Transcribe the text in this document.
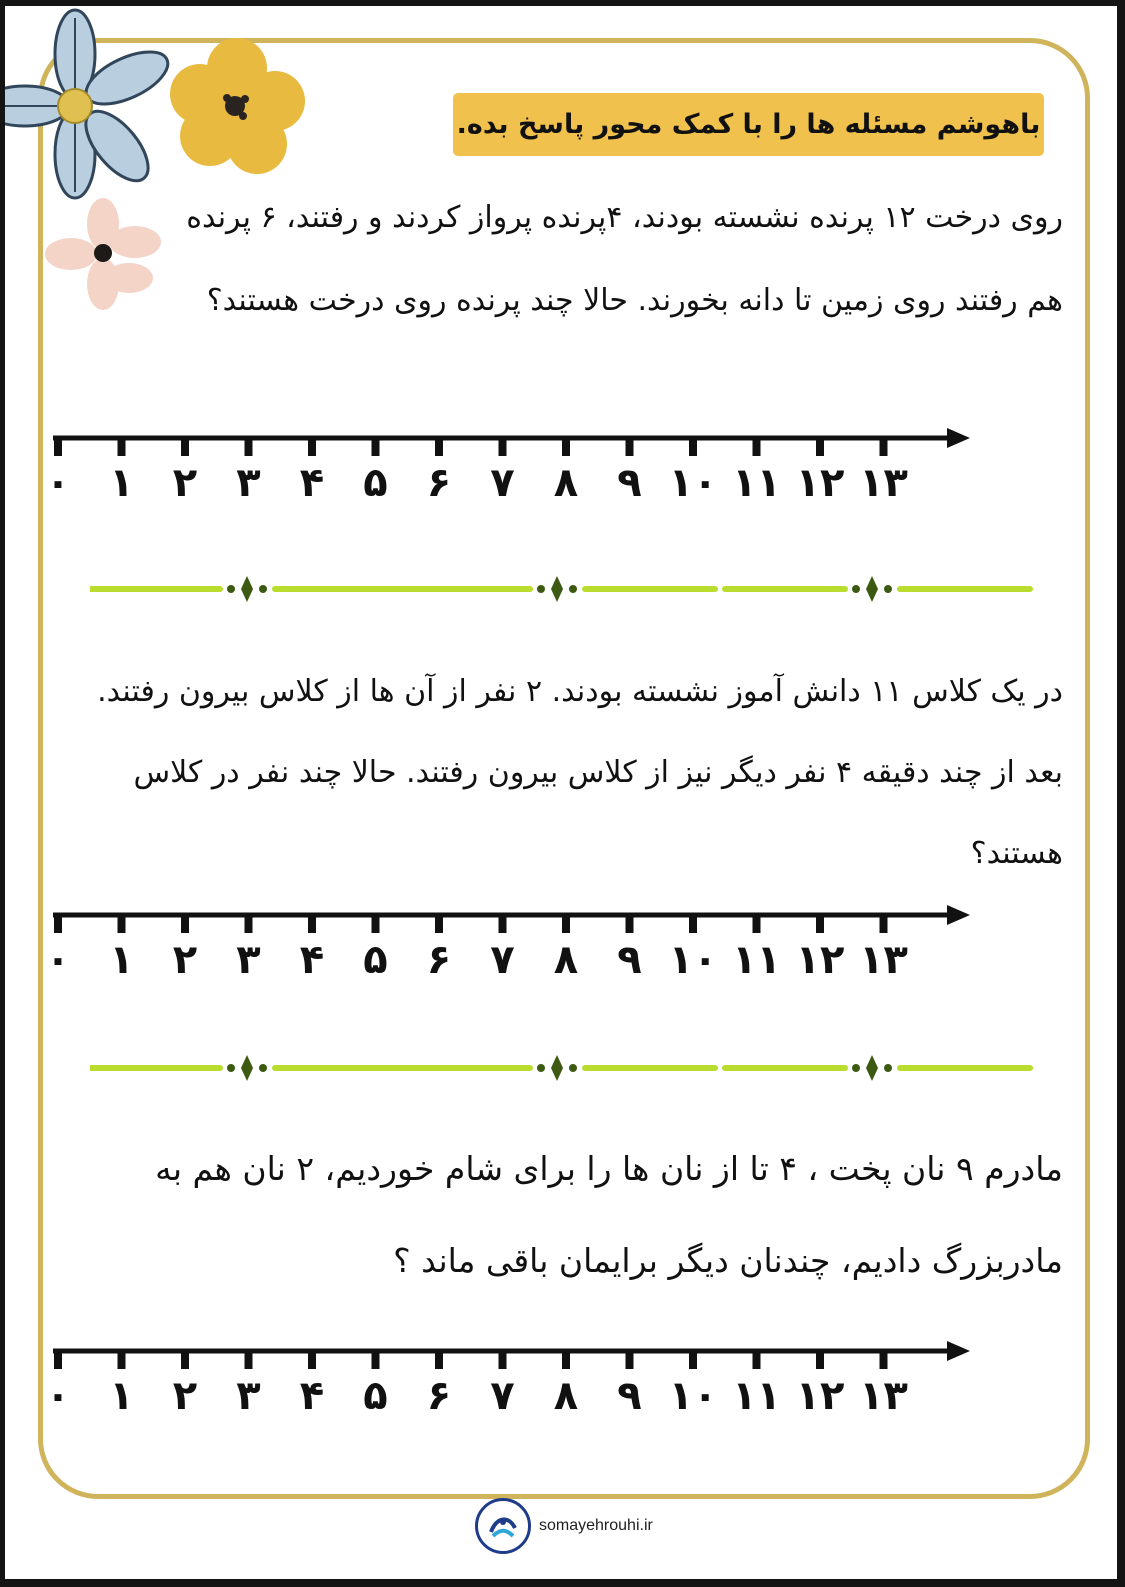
باهوشم مسئله ها را با کمک محور پاسخ بده.

روی درخت ۱۲ پرنده نشسته بودند، ۴پرنده پرواز کردند و رفتند، ۶ پرنده هم رفتند روی زمین تا دانه بخورند. حالا چند پرنده روی درخت هستند؟

۰ ۱ ۲ ۳ ۴ ۵ ۶ ۷ ۸ ۹ ۱۰ ۱۱ ۱۲ ۱۳

در یک کلاس ۱۱ دانش آموز نشسته بودند. ۲ نفر از آن ها از کلاس بیرون رفتند. بعد از چند دقیقه ۴ نفر دیگر نیز از کلاس بیرون رفتند. حالا چند نفر در کلاس هستند؟

۰ ۱ ۲ ۳ ۴ ۵ ۶ ۷ ۸ ۹ ۱۰ ۱۱ ۱۲ ۱۳

مادرم ۹ نان پخت ، ۴ تا از نان ها را برای شام خوردیم، ۲ نان هم به مادربزرگ دادیم، چندنان دیگر برایمان باقی ماند ؟

۰ ۱ ۲ ۳ ۴ ۵ ۶ ۷ ۸ ۹ ۱۰ ۱۱ ۱۲ ۱۳
somayehrouhi.ir
